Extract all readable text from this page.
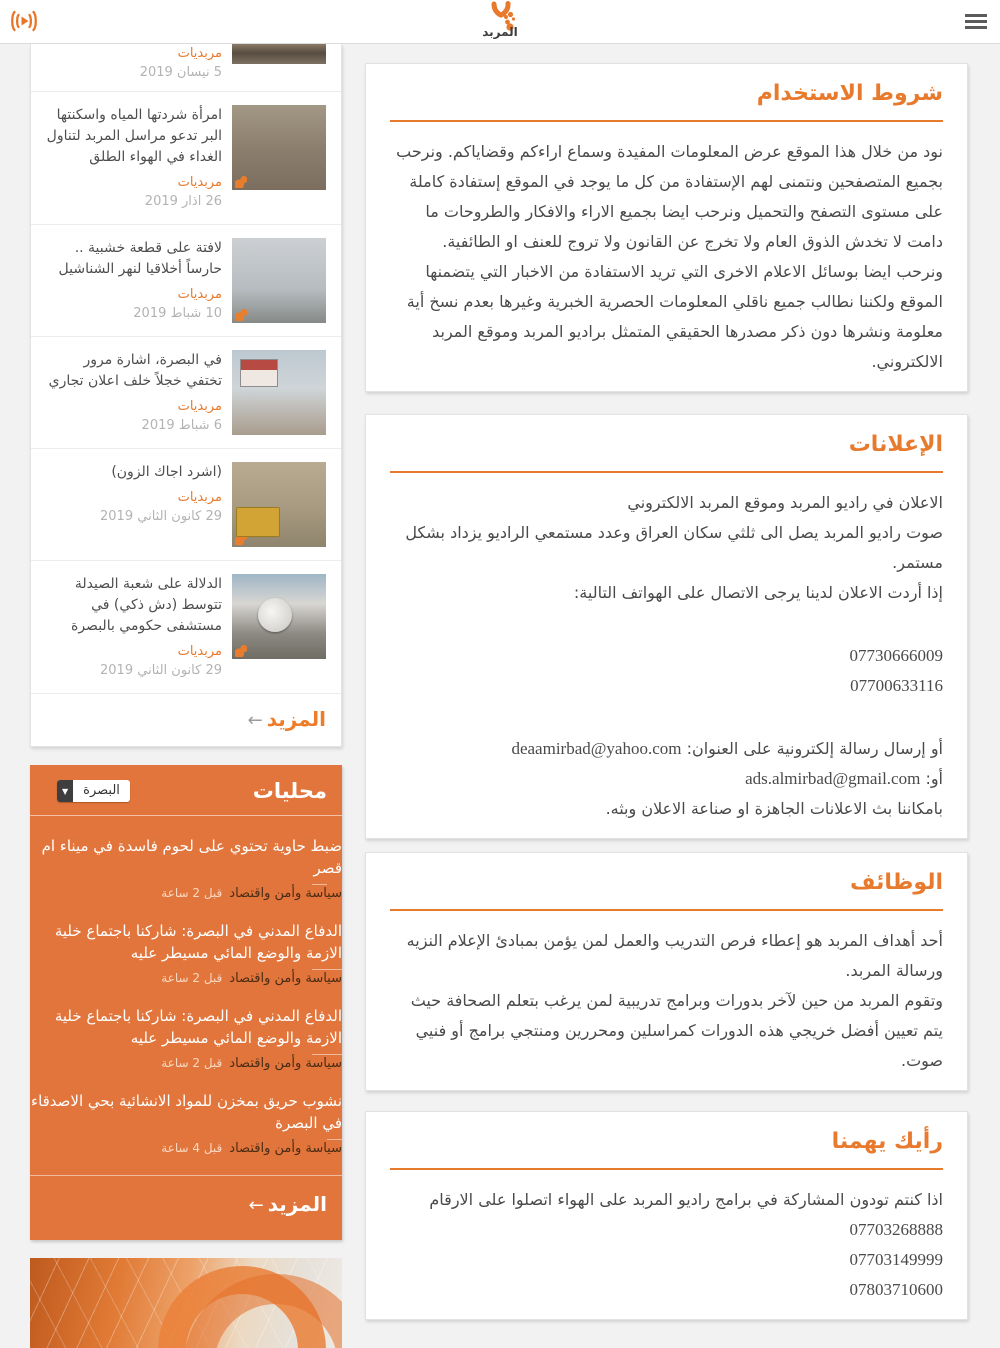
المربد
مربديات
5 نيسان 2019
امرأة شردتها المياه واسكنتها البر تدعو مراسل المربد لتناول الغداء في الهواء الطلق
مربديات
26 اذار 2019
لافتة على قطعة خشبية .. حارساً أخلاقيا لنهر الشناشيل
مربديات
10 شباط 2019
في البصرة، اشارة مرور تختفي خجلاً خلف اعلان تجاري
مربديات
6 شباط 2019
(اشرد اجاك الزون)
مربديات
29 كانون الثاني 2019
الدلالة على شعبة الصيدلة تتوسط (دش ذكي) في مستشفى حكومي بالبصرة
مربديات
29 كانون الثاني 2019
المزيد←
محليات
البصرة
▼
ضبط حاوية تحتوي على لحوم فاسدة في ميناء ام قصر
سياسة وأمن واقتصادقبل 2 ساعة
الدفاع المدني في البصرة: شاركنا باجتماع خلية الازمة والوضع المائي مسيطر عليه
سياسة وأمن واقتصادقبل 2 ساعة
الدفاع المدني في البصرة: شاركنا باجتماع خلية الازمة والوضع المائي مسيطر عليه
سياسة وأمن واقتصادقبل 2 ساعة
نشوب حريق بمخزن للمواد الانشائية بحي الاصدقاء في البصرة
سياسة وأمن واقتصادقبل 4 ساعة
المزيد←
شروط الاستخدام

نود من خلال هذا الموقع عرض المعلومات المفيدة وسماع اراءكم وقضاياكم. ونرحب بجميع المتصفحين ونتمنى لهم الإستفادة من كل ما يوجد في الموقع إستفادة كاملة على مستوى التصفح والتحميل ونرحب ايضا بجميع الاراء والافكار والطروحات ما دامت لا تخدش الذوق العام ولا تخرج عن القانون ولا تروج للعنف او الطائفية.

ونرحب ايضا بوسائل الاعلام الاخرى التي تريد الاستفادة من الاخبار التي يتضمنها الموقع ولكننا نطالب جميع ناقلي المعلومات الحصرية الخبرية وغيرها بعدم نسخ أية معلومة ونشرها دون ذكر مصدرها الحقيقي المتمثل براديو المربد وموقع المربد الالكتروني.

الإعلانات

الاعلان في راديو المربد وموقع المربد الالكتروني

صوت راديو المربد يصل الى ثلثي سكان العراق وعدد مستمعي الراديو يزداد بشكل مستمر.

إذا أردت الاعلان لدينا يرجى الاتصال على الهواتف التالية:

07730666009

07700633116

أو إرسال رسالة إلكترونية على العنوان: deaamirbad@yahoo.com

أو: ads.almirbad@gmail.com

بامكاننا بث الاعلانات الجاهزة او صناعة الاعلان وبثه.

الوظائف

أحد أهداف المربد هو إعطاء فرص التدريب والعمل لمن يؤمن بمبادئ الإعلام النزيه ورسالة المربد.

وتقوم المربد من حين لآخر بدورات وبرامج تدريبية لمن يرغب بتعلم الصحافة حيث يتم تعيين أفضل خريجي هذه الدورات كمراسلين ومحررين ومنتجي برامج أو فنيي صوت.

رأيك يهمنا

اذا كنتم تودون المشاركة في برامج راديو المربد على الهواء اتصلوا على الارقام

07703268888

07703149999

07803710600
